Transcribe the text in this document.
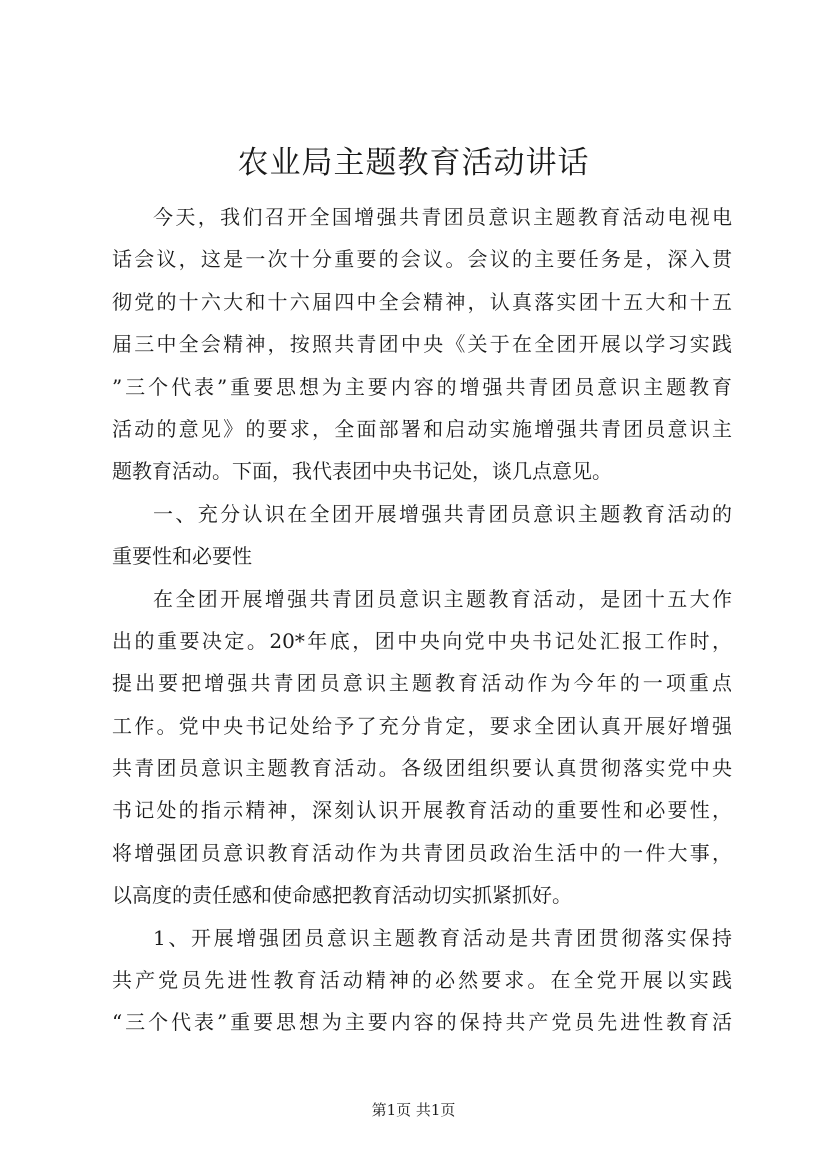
农业局主题教育活动讲话
今天，我们召开全国增强共青团员意识主题教育活动电视电
话会议，这是一次十分重要的会议。会议的主要任务是，深入贯
彻党的十六大和十六届四中全会精神，认真落实团十五大和十五
届三中全会精神，按照共青团中央《关于在全团开展以学习实践
”三个代表”重要思想为主要内容的增强共青团员意识主题教育
活动的意见》的要求，全面部署和启动实施增强共青团员意识主
题教育活动。下面，我代表团中央书记处，谈几点意见。
一、充分认识在全团开展增强共青团员意识主题教育活动的
重要性和必要性
在全团开展增强共青团员意识主题教育活动，是团十五大作
出的重要决定。20*年底，团中央向党中央书记处汇报工作时，
提出要把增强共青团员意识主题教育活动作为今年的一项重点
工作。党中央书记处给予了充分肯定，要求全团认真开展好增强
共青团员意识主题教育活动。各级团组织要认真贯彻落实党中央
书记处的指示精神，深刻认识开展教育活动的重要性和必要性，
将增强团员意识教育活动作为共青团员政治生活中的一件大事，
以高度的责任感和使命感把教育活动切实抓紧抓好。
1、开展增强团员意识主题教育活动是共青团贯彻落实保持
共产党员先进性教育活动精神的必然要求。在全党开展以实践
“三个代表”重要思想为主要内容的保持共产党员先进性教育活
第1页 共1页
